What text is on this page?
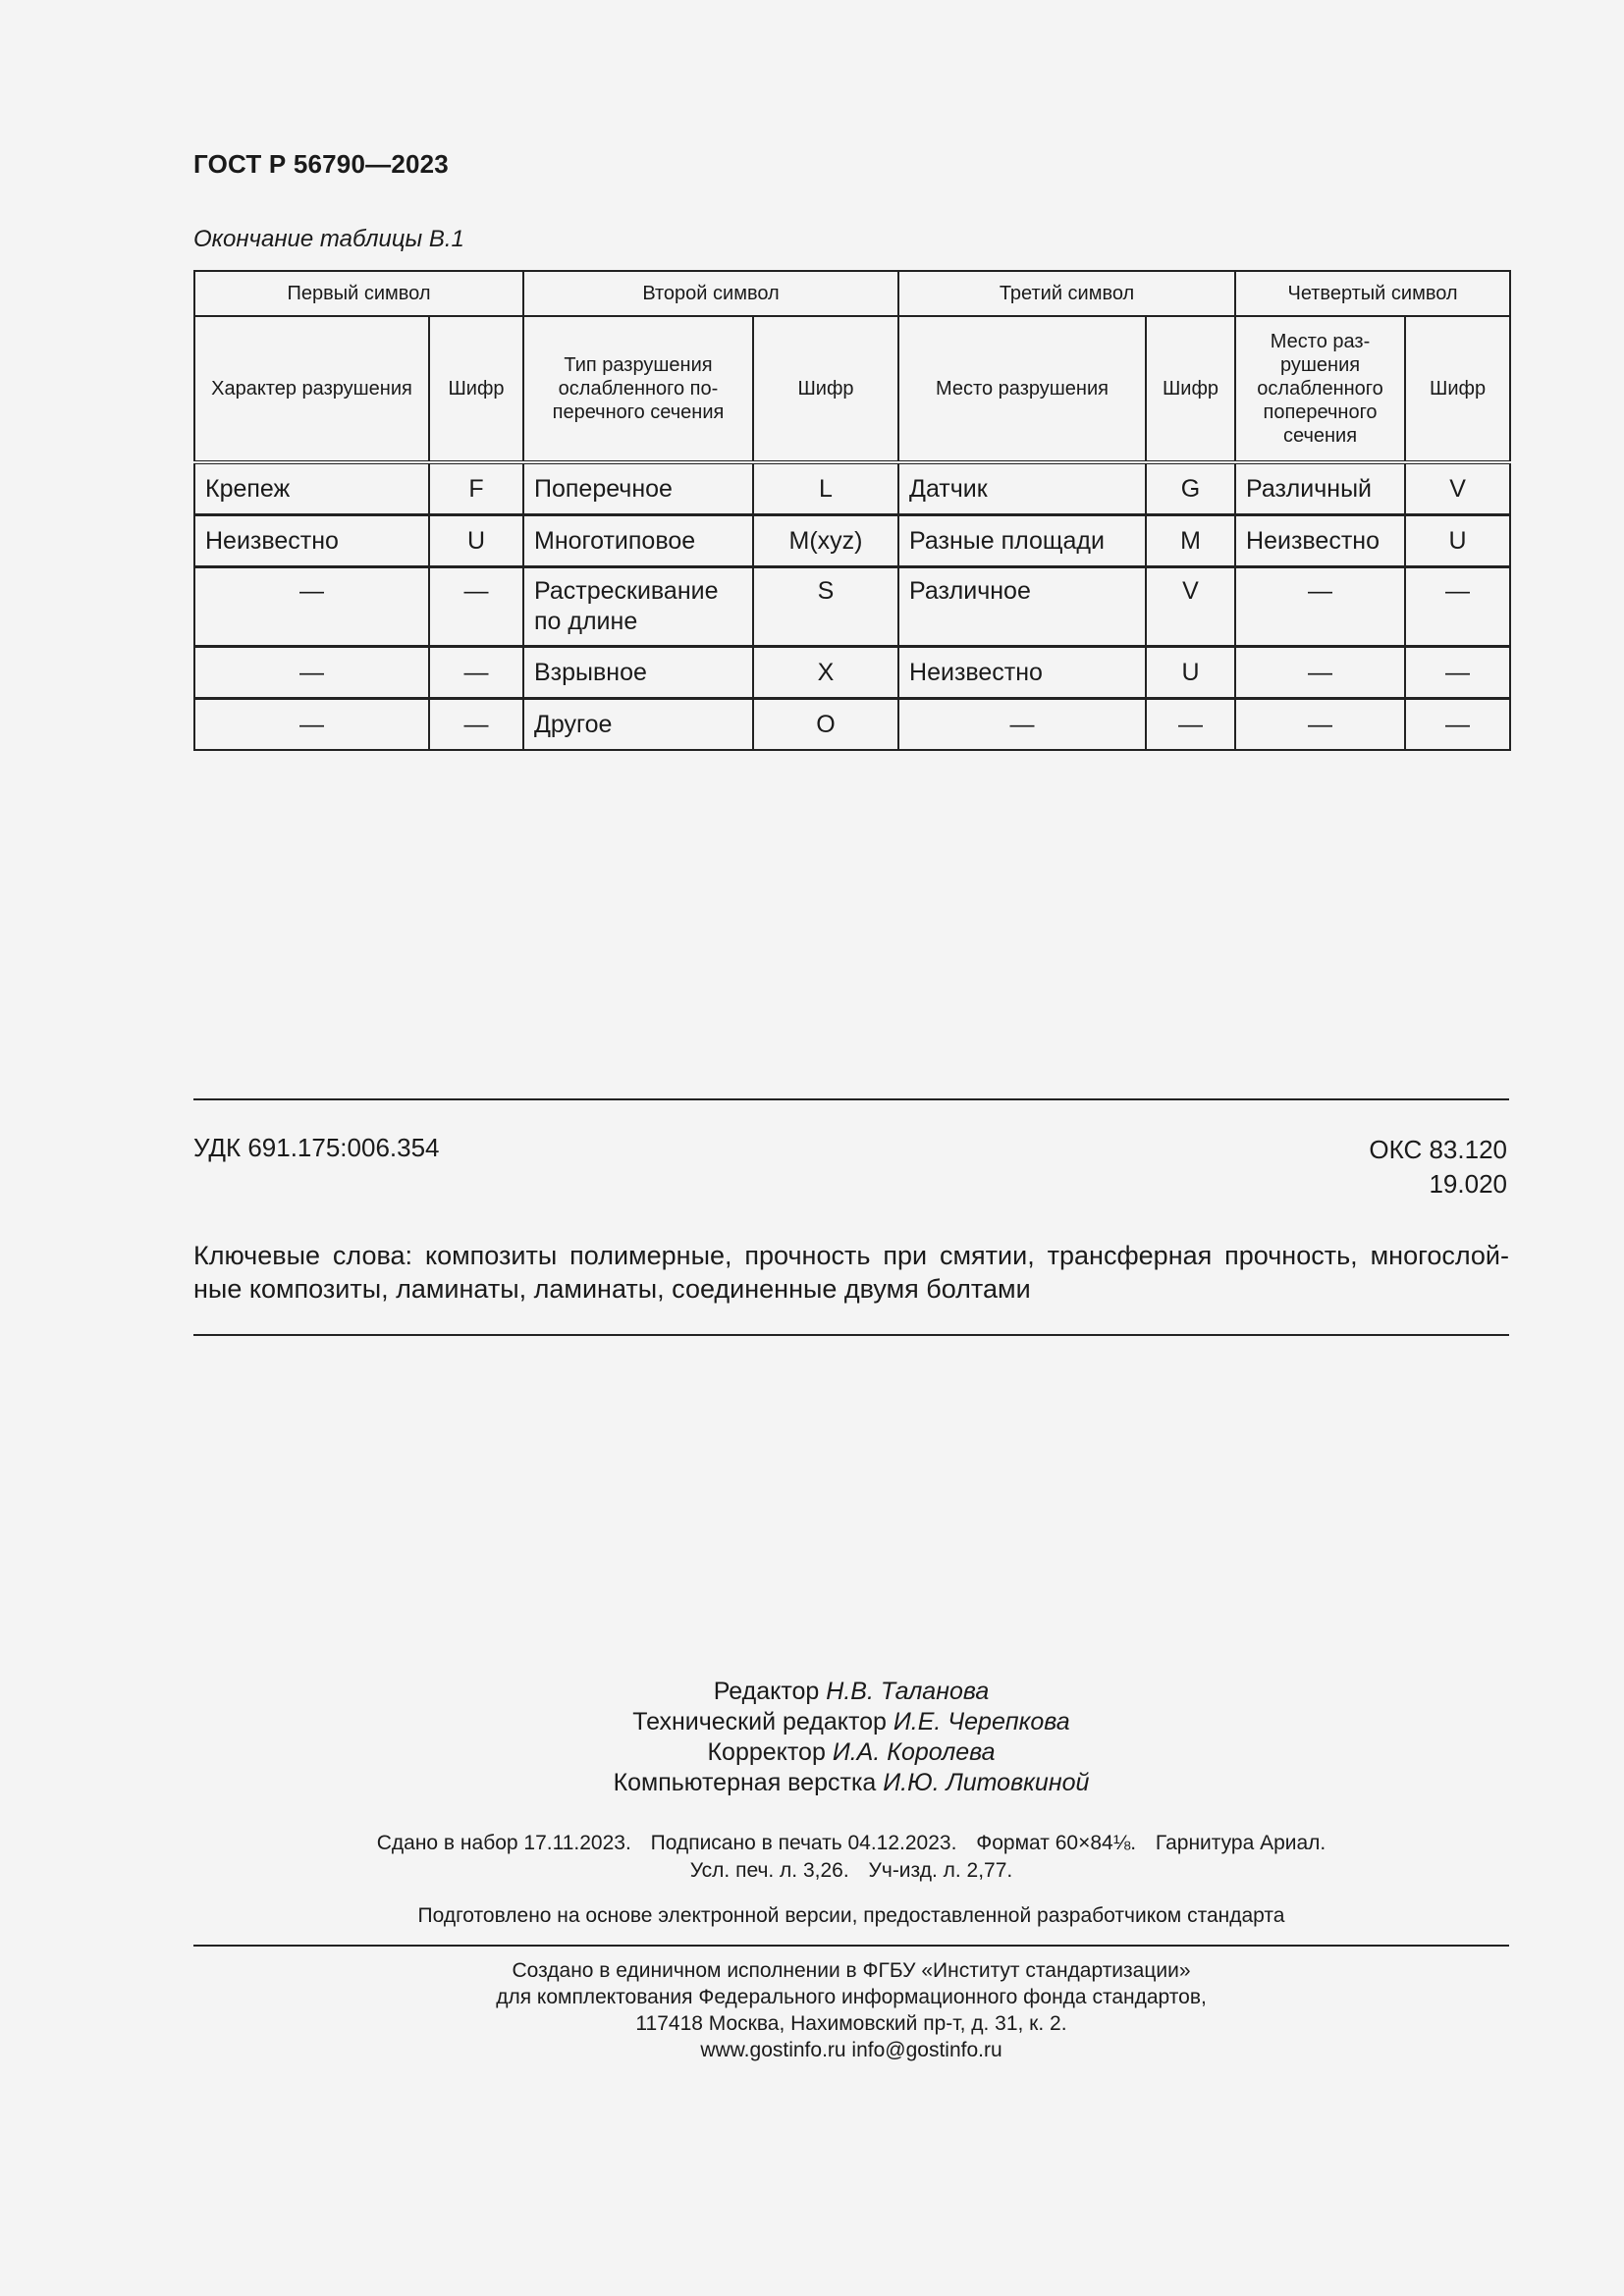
ГОСТ Р 56790—2023
Окончание таблицы В.1
Первый символ		Второй символ		Третий символ		Четвертый символ	
Характер разрушения	Шифр	Тип разрушения ослабленного по-перечного сечения	Шифр	Место разрушения	Шифр	Место раз-рушения ослабленного поперечного сечения	Шифр
Крепеж	F	Поперечное	L	Датчик	G	Различный	V
Неизвестно	U	Многотиповое	M(xyz)	Разные площади	M	Неизвестно	U
—	—	Растрескивание по длине	S	Различное	V	—	—
—	—	Взрывное	X	Неизвестно	U	—	—
—	—	Другое	O	—	—	—	—
УДК 691.175:006.354	ОКС 83.120
19.020
Ключевые слова: композиты полимерные, прочность при смятии, трансферная прочность, многослой-ные композиты, ламинаты, ламинаты, соединенные двумя болтами
Редактор Н.В. Таланова
Технический редактор И.Е. Черепкова
Корректор И.А. Королева
Компьютерная верстка И.Ю. Литовкиной
Сдано в набор 17.11.2023. Подписано в печать 04.12.2023. Формат 60×84⅛. Гарнитура Ариал.
Усл. печ. л. 3,26. Уч-изд. л. 2,77.
Подготовлено на основе электронной версии, предоставленной разработчиком стандарта
Создано в единичном исполнении в ФГБУ «Институт стандартизации»
для комплектования Федерального информационного фонда стандартов,
117418 Москва, Нахимовский пр-т, д. 31, к. 2.
www.gostinfo.ru info@gostinfo.ru
